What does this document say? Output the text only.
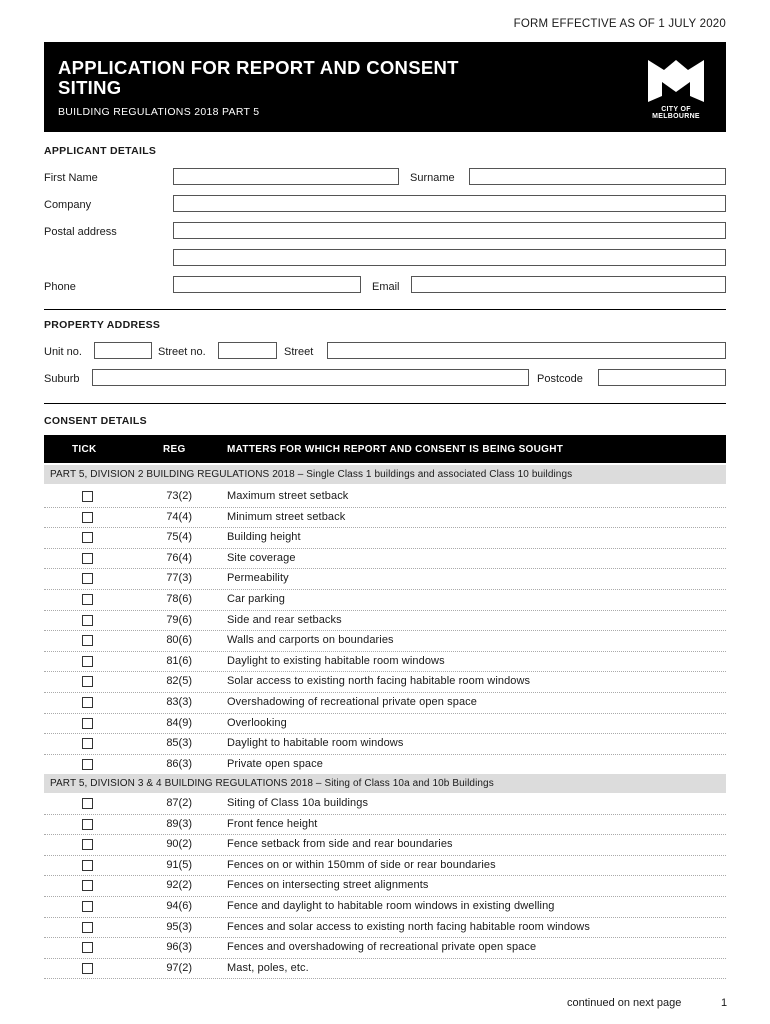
FORM EFFECTIVE AS OF 1 JULY 2020
APPLICATION FOR REPORT AND CONSENT
SITING
BUILDING REGULATIONS 2018 PART 5	CITY OF MELBOURNE
APPLICANT DETAILS
First Name	Surname
Company
Postal address
Phone	Email
PROPERTY ADDRESS
Unit no.	Street no.	Street
Suburb	Postcode
CONSENT DETAILS
TICK	REG	MATTERS FOR WHICH REPORT AND CONSENT IS BEING SOUGHT
PART 5, DIVISION 2 BUILDING REGULATIONS 2018 – Single Class 1 buildings and associated Class 10 buildings
73(2)	Maximum street setback
74(4)	Minimum street setback
75(4)	Building height
76(4)	Site coverage
77(3)	Permeability
78(6)	Car parking
79(6)	Side and rear setbacks
80(6)	Walls and carports on boundaries
81(6)	Daylight to existing habitable room windows
82(5)	Solar access to existing north facing habitable room windows
83(3)	Overshadowing of recreational private open space
84(9)	Overlooking
85(3)	Daylight to habitable room windows
86(3)	Private open space
PART 5, DIVISION 3 & 4 BUILDING REGULATIONS 2018 – Siting of Class 10a and 10b Buildings
87(2)	Siting of Class 10a buildings
89(3)	Front fence height
90(2)	Fence setback from side and rear boundaries
91(5)	Fences on or within 150mm of side or rear boundaries
92(2)	Fences on intersecting street alignments
94(6)	Fence and daylight to habitable room windows in existing dwelling
95(3)	Fences and solar access to existing north facing habitable room windows
96(3)	Fences and overshadowing of recreational private open space
97(2)	Mast, poles, etc.
continued on next page	1
